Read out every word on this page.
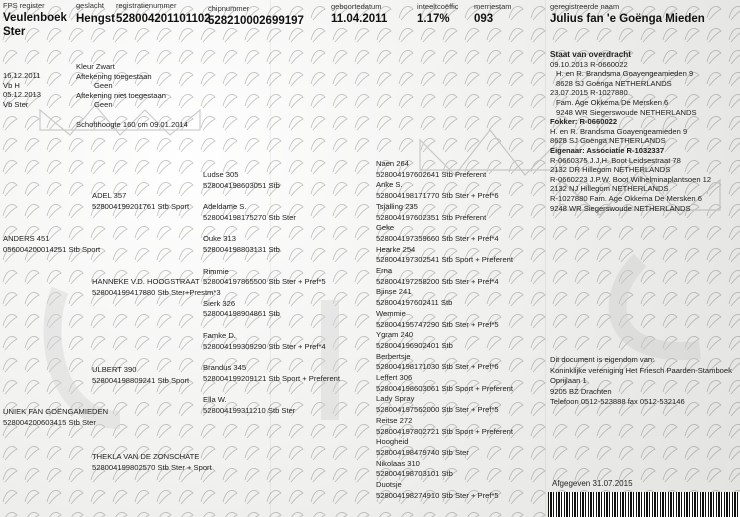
FPS register
Veulenboek
Ster
geslacht
Hengst
registratienummer
528004201101102
chipnummer
528210002699197
geboortedatum
11.04.2011
inteeltcoëffic
1.17%
merriestam
093
geregistreerde naam
Julius fan 'e Goënga Mieden
16.12.2011
Vb H
05.12.2013
Vb Ster
Kleur Zwart
Aftekening toegestaan
Geen
Aftekening niet toegestaan
Geen
Schofthoogte 160 cm 09.01.2014
ANDERS 451
056004200014251 Stb Sport
UNIEK FAN GOËNGAMIEDEN
528004200603415 Stb Ster
ADEL 357
528004199201761 Stb Sport
HANNEKE V.D. HOOGSTRAAT
528004199417880 Stb Ster+Prestm*3
ULBERT 390
528004198809241 Stb Sport
THEKLA VAN DE ZONSCHATE
528004199802570 Stb Ster + Sport
Ludse 305
528004198603051 Stb
Adeldame S.
528004198175270 Stb Ster
Ouke 313
528004198803131 Stb
Rimmie
528004197865500 Stb Ster + Pref*5
Sierk 326
528004198904861 Stb
Famke D.
528004199309290 Stb Ster + Pref*4
Brandus 345
528004199209121 Stb Sport + Preferent
Ella W.
528004199311210 Stb Ster
Naen 264
528004197602641 Stb Preferent
Anke S.
528004198171770 Stb Ster + Pref*6
Tsjalling 235
528004197602351 Stb Preferent
Geke
528004197359660 Stb Ster + Pref*4
Hearke 254
528004197302541 Stb Sport + Preferent
Erna
528004197258200 Stb Ster + Pref*4
Bjinse 241
528004197602411 Stb
Wemmie
528004195747290 Stb Ster + Pref*5
Ygram 240
528004196902401 Stb
Berbertsje
528004198171030 Stb Ster + Pref*6
Leffert 306
528004198603061 Stb Sport + Preferent
Lady Spray
528004197562000 Stb Ster + Pref*5
Reitse 272
528004197802721 Stb Sport + Preferent
Hoogheid
528004198479740 Stb Ster
Nikolaas 310
528004198703101 Stb
Duotsje
528004198274910 Stb Ster + Pref*5
Staat van overdracht
09.10.2013 R-0660022
H. en R. Brandsma Goayengeamieden 9
8628 SJ Goënga NETHERLANDS
23.07.2015 R-1027880
Fam. Age Okkema De Mersken 6
9248 WR Siegerswoude NETHERLANDS
Fokker: R-0660022
H. en R. Brandsma Goayengeamieden 9
8628 SJ Goënga NETHERLANDS
Eigenaar: Associatie R-1032337
R-0660375 J.J.H. Boot Leidsestraat 78
2132 DR Hillegom NETHERLANDS
R-0660223 J.P.W. Boot Wilhelminaplantsoen 12
2132 NJ Hillegom NETHERLANDS
R-1027880 Fam. Age Okkema De Mersken 6
9248 WR Siegerswoude NETHERLANDS
Dit document is eigendom van:
Koninklijke vereniging Het Friesch Paarden-Stamboek
Oprijlaan 1
9205 BZ Drachten
Telefoon 0512-523888 fax 0512-532146
Afgegeven 31.07.2015
